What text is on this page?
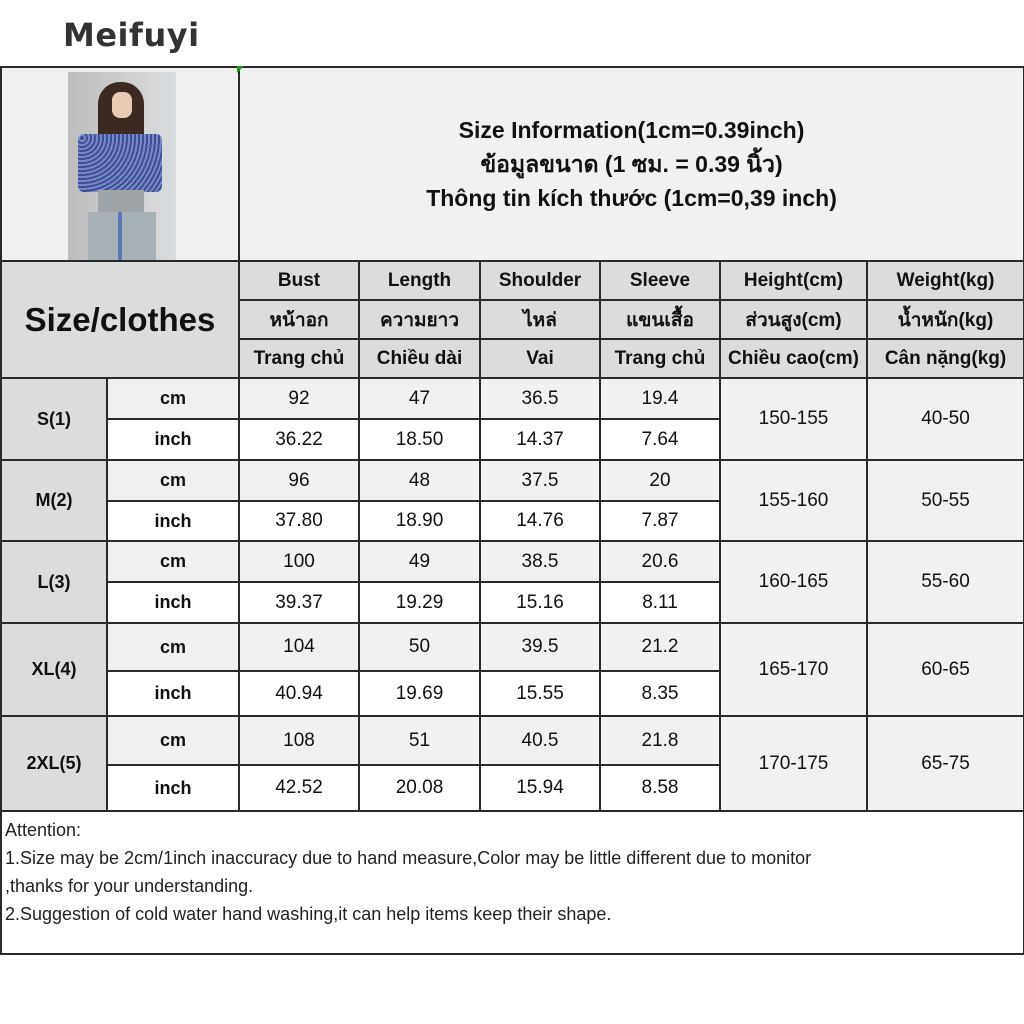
Meifuyi

		Size Information(1cm=0.39inch)
ข้อมูลขนาด (1 ซม. = 0.39 นิ้ว)
Thông tin kích thước (1cm=0,39 inch)					

Size/clothes		Bust	Length	Shoulder	Sleeve	Height(cm)	Weight(kg)
		หน้าอก	ความยาว	ไหล่	แขนเสื้อ	ส่วนสูง(cm)	น้ำหนัก(kg)
		Trang chủ	Chiều dài	Vai	Trang chủ	Chiều cao(cm)	Cân nặng(kg)
S(1)	cm	92	47	36.5	19.4	150-155	40-50
	inch	36.22	18.50	14.37	7.64		
M(2)	cm	96	48	37.5	20	155-160	50-55
	inch	37.80	18.90	14.76	7.87		
L(3)	cm	100	49	38.5	20.6	160-165	55-60
	inch	39.37	19.29	15.16	8.11		
XL(4)	cm	104	50	39.5	21.2	165-170	60-65
	inch	40.94	19.69	15.55	8.35		
2XL(5)	cm	108	51	40.5	21.8	170-175	65-75
	inch	42.52	20.08	15.94	8.58		

Attention:
1.Size may be 2cm/1inch inaccuracy due to hand measure,Color may be little different due to monitor
,thanks for your understanding.
2.Suggestion of cold water hand washing,it can help items keep their shape.							
